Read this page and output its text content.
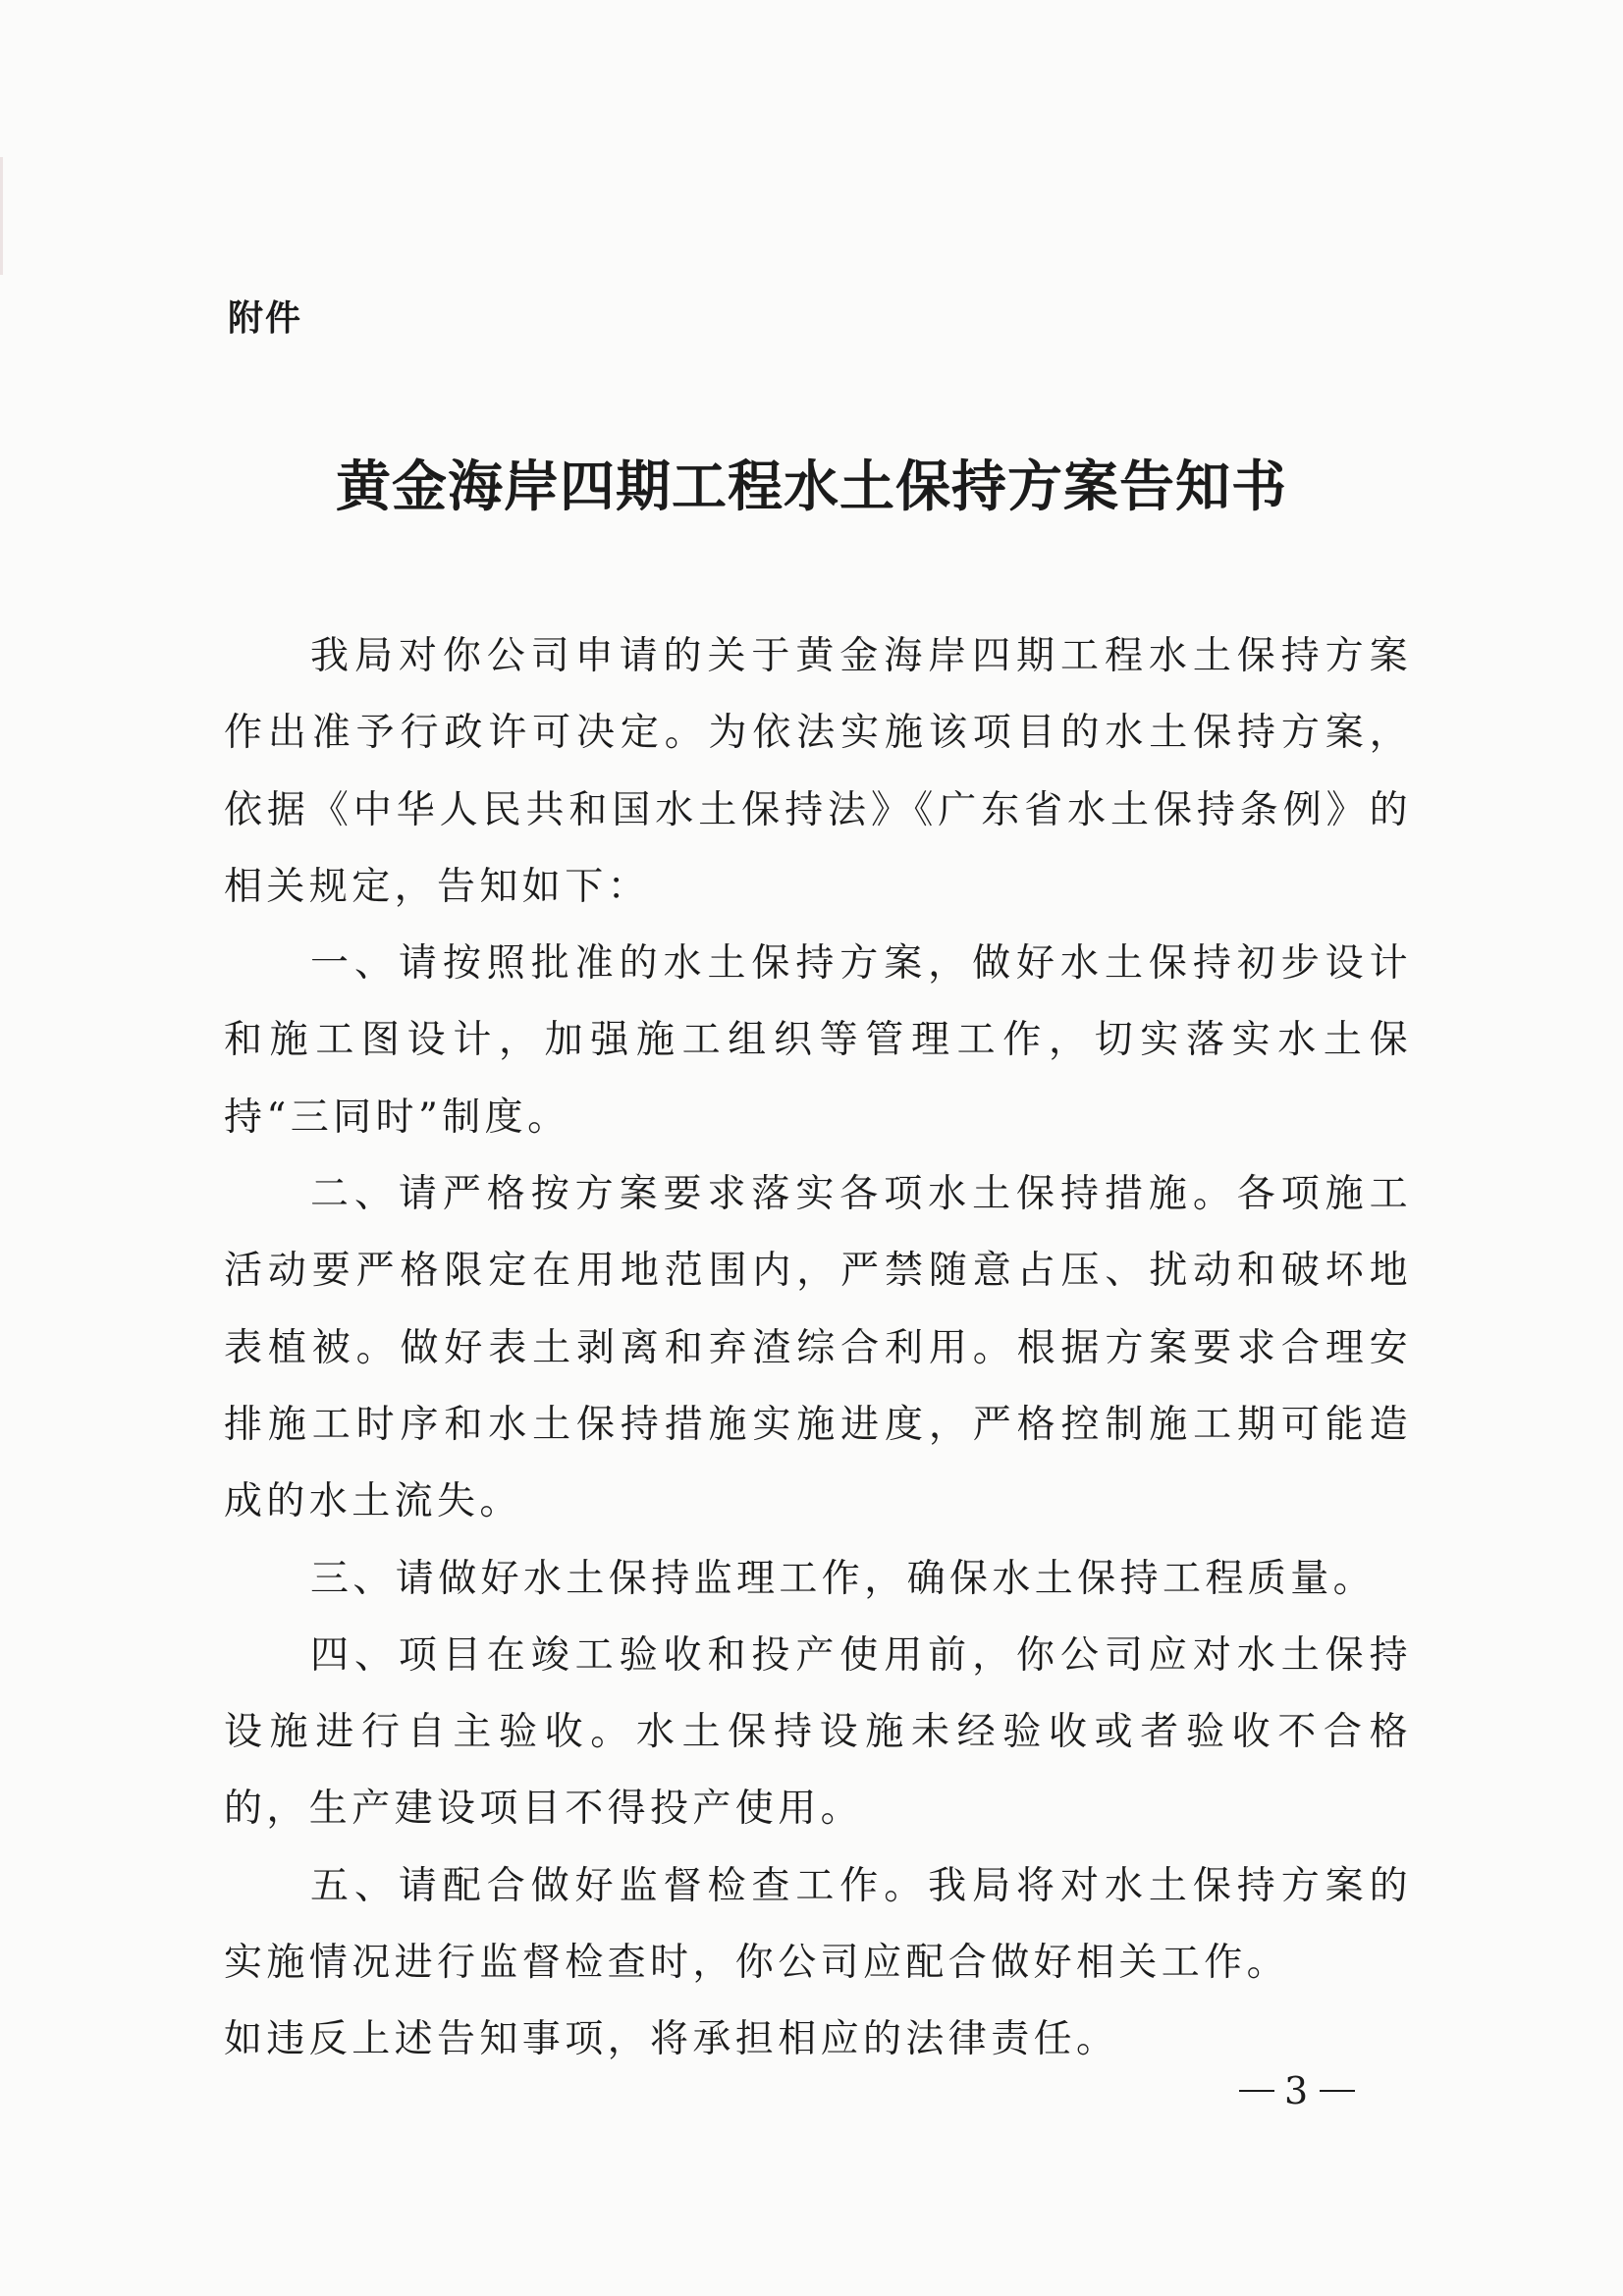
附件

黄金海岸四期工程水土保持方案告知书

我局对你公司申请的关于黄金海岸四期工程水土保持方案作出准予行政许可决定。为依法实施该项目的水土保持方案，依据《中华人民共和国水土保持法》《广东省水土保持条例》的相关规定，告知如下：

一、请按照批准的水土保持方案，做好水土保持初步设计和施工图设计，加强施工组织等管理工作，切实落实水土保持“三同时”制度。

二、请严格按方案要求落实各项水土保持措施。各项施工活动要严格限定在用地范围内，严禁随意占压、扰动和破坏地表植被。做好表土剥离和弃渣综合利用。根据方案要求合理安排施工时序和水土保持措施实施进度，严格控制施工期可能造成的水土流失。

三、请做好水土保持监理工作，确保水土保持工程质量。

四、项目在竣工验收和投产使用前，你公司应对水土保持设施进行自主验收。水土保持设施未经验收或者验收不合格的，生产建设项目不得投产使用。

五、请配合做好监督检查工作。我局将对水土保持方案的实施情况进行监督检查时，你公司应配合做好相关工作。

如违反上述告知事项，将承担相应的法律责任。

3
